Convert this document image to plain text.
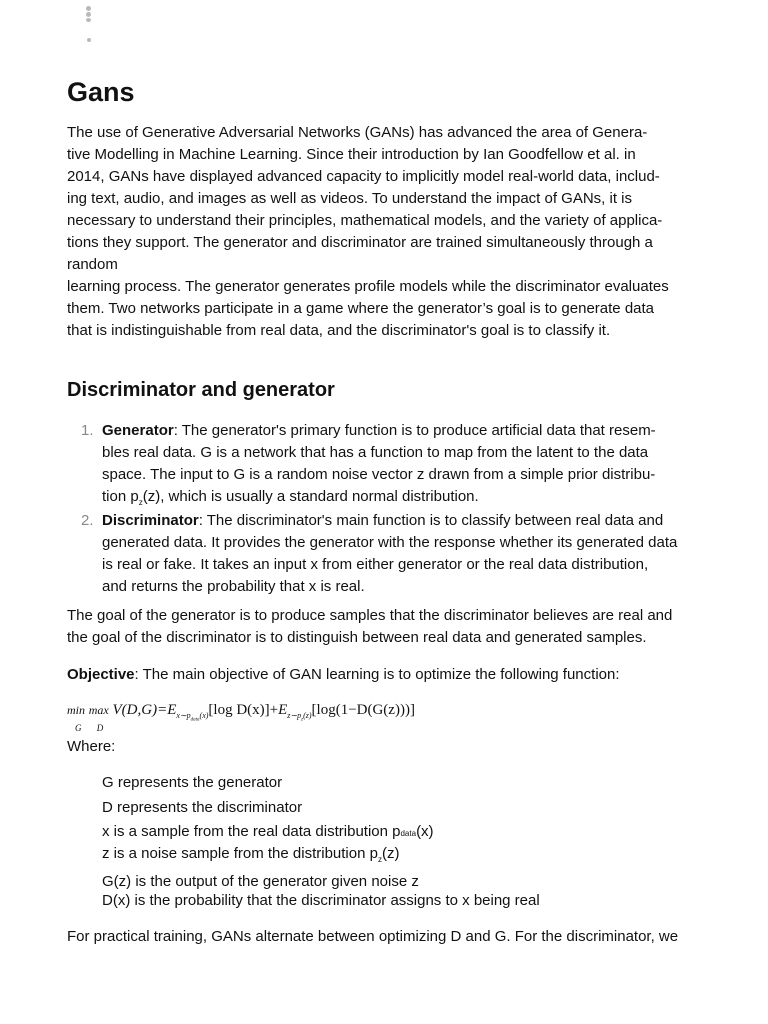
Gans

The use of Generative Adversarial Networks (GANs) has advanced the area of Genera-

tive Modelling in Machine Learning. Since their introduction by Ian Goodfellow et al. in

2014, GANs have displayed advanced capacity to implicitly model real-world data, includ-

ing text, audio, and images as well as videos. To understand the impact of GANs, it is

necessary to understand their principles, mathematical models, and the variety of applica-

tions they support. The generator and discriminator are trained simultaneously through a

random

learning process. The generator generates profile models while the discriminator evaluates

them. Two networks participate in a game where the generator’s goal is to generate data

that is indistinguishable from real data, and the discriminator's goal is to classify it.

Discriminator and generator
1. Generator: The generator's primary function is to produce artificial data that resem-
bles real data. G is a network that has a function to map from the latent to the data
space. The input to G is a random noise vector z drawn from a simple prior distribu-
tion $p_z(z)$, which is usually a standard normal distribution.
2. Discriminator: The discriminator's main function is to classify between real data and
generated data. It provides the generator with the response whether its generated data
is real or fake. It takes an input x from either generator or the real data distribution,
and returns the probability that x is real.

The goal of the generator is to produce samples that the discriminator believes are real and

the goal of the discriminator is to distinguish between real data and generated samples.

Objective: The main objective of GAN learning is to optimize the following function:

min
G
max
D
$V(D,G)=E_{x\sim p_{data}(x)}[\log$ $D(x)]+E_{z\sim p_z(z)}[\log(1-D(G(z)))]$

Where:

G represents the generator
D represents the discriminator
x is a sample from the real data distribution pdata(x)
z is a noise sample from the distribution $p_z(z)$
G(z) is the output of the generator given noise z
D(x) is the probability that the discriminator assigns to x being real

For practical training, GANs alternate between optimizing D and G. For the discriminator, we
